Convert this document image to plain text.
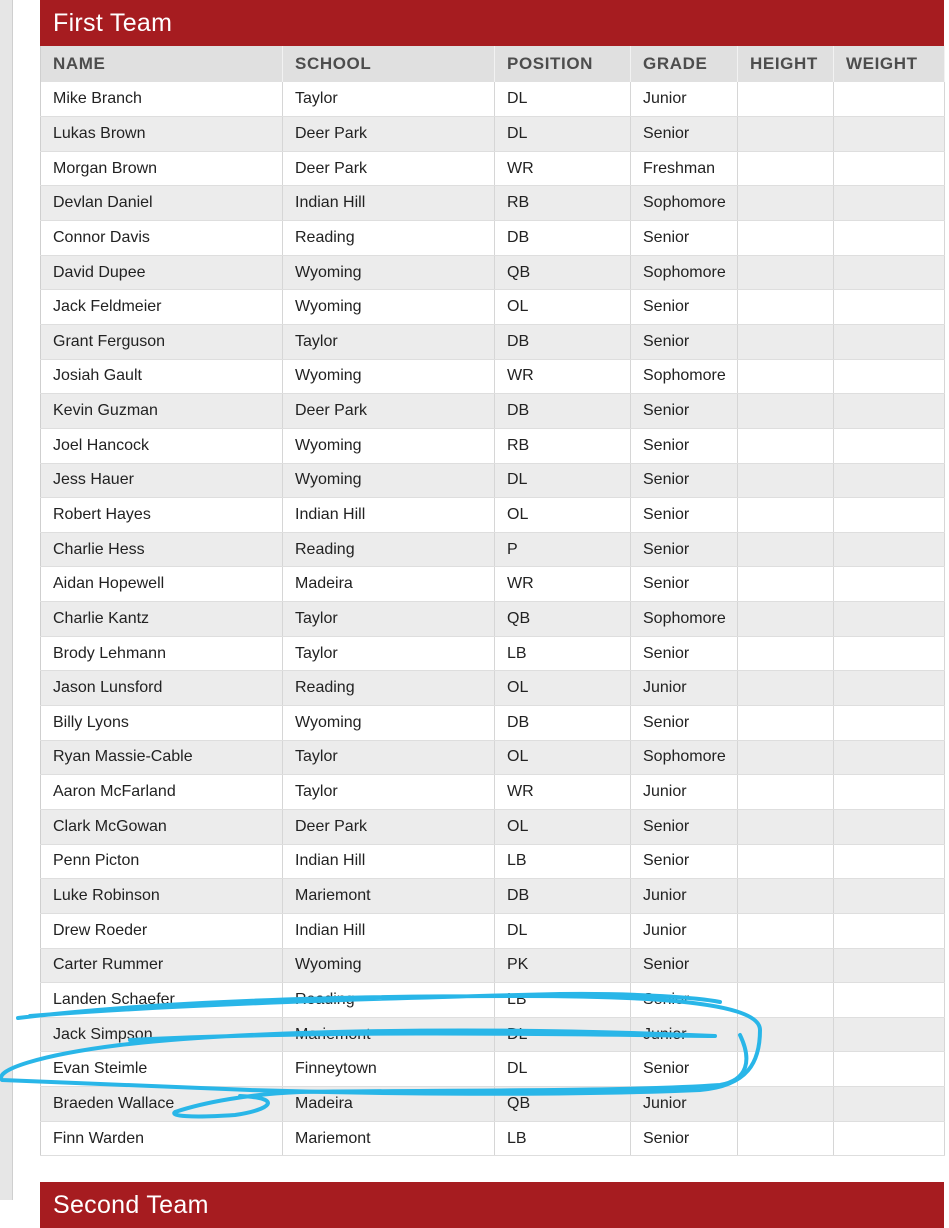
First Team
NAME	SCHOOL	POSITION	GRADE	HEIGHT	WEIGHT
Mike Branch	Taylor	DL	Junior		
Lukas Brown	Deer Park	DL	Senior		
Morgan Brown	Deer Park	WR	Freshman		
Devlan Daniel	Indian Hill	RB	Sophomore		
Connor Davis	Reading	DB	Senior		
David Dupee	Wyoming	QB	Sophomore		
Jack Feldmeier	Wyoming	OL	Senior		
Grant Ferguson	Taylor	DB	Senior		
Josiah Gault	Wyoming	WR	Sophomore		
Kevin Guzman	Deer Park	DB	Senior		
Joel Hancock	Wyoming	RB	Senior		
Jess Hauer	Wyoming	DL	Senior		
Robert Hayes	Indian Hill	OL	Senior		
Charlie Hess	Reading	P	Senior		
Aidan Hopewell	Madeira	WR	Senior		
Charlie Kantz	Taylor	QB	Sophomore		
Brody Lehmann	Taylor	LB	Senior		
Jason Lunsford	Reading	OL	Junior		
Billy Lyons	Wyoming	DB	Senior		
Ryan Massie-Cable	Taylor	OL	Sophomore		
Aaron McFarland	Taylor	WR	Junior		
Clark McGowan	Deer Park	OL	Senior		
Penn Picton	Indian Hill	LB	Senior		
Luke Robinson	Mariemont	DB	Junior		
Drew Roeder	Indian Hill	DL	Junior		
Carter Rummer	Wyoming	PK	Senior		
Landen Schaefer	Reading	LB	Senior		
Jack Simpson	Mariemont	DL	Junior		
Evan Steimle	Finneytown	DL	Senior		
Braeden Wallace	Madeira	QB	Junior		
Finn Warden	Mariemont	LB	Senior		
Second Team
